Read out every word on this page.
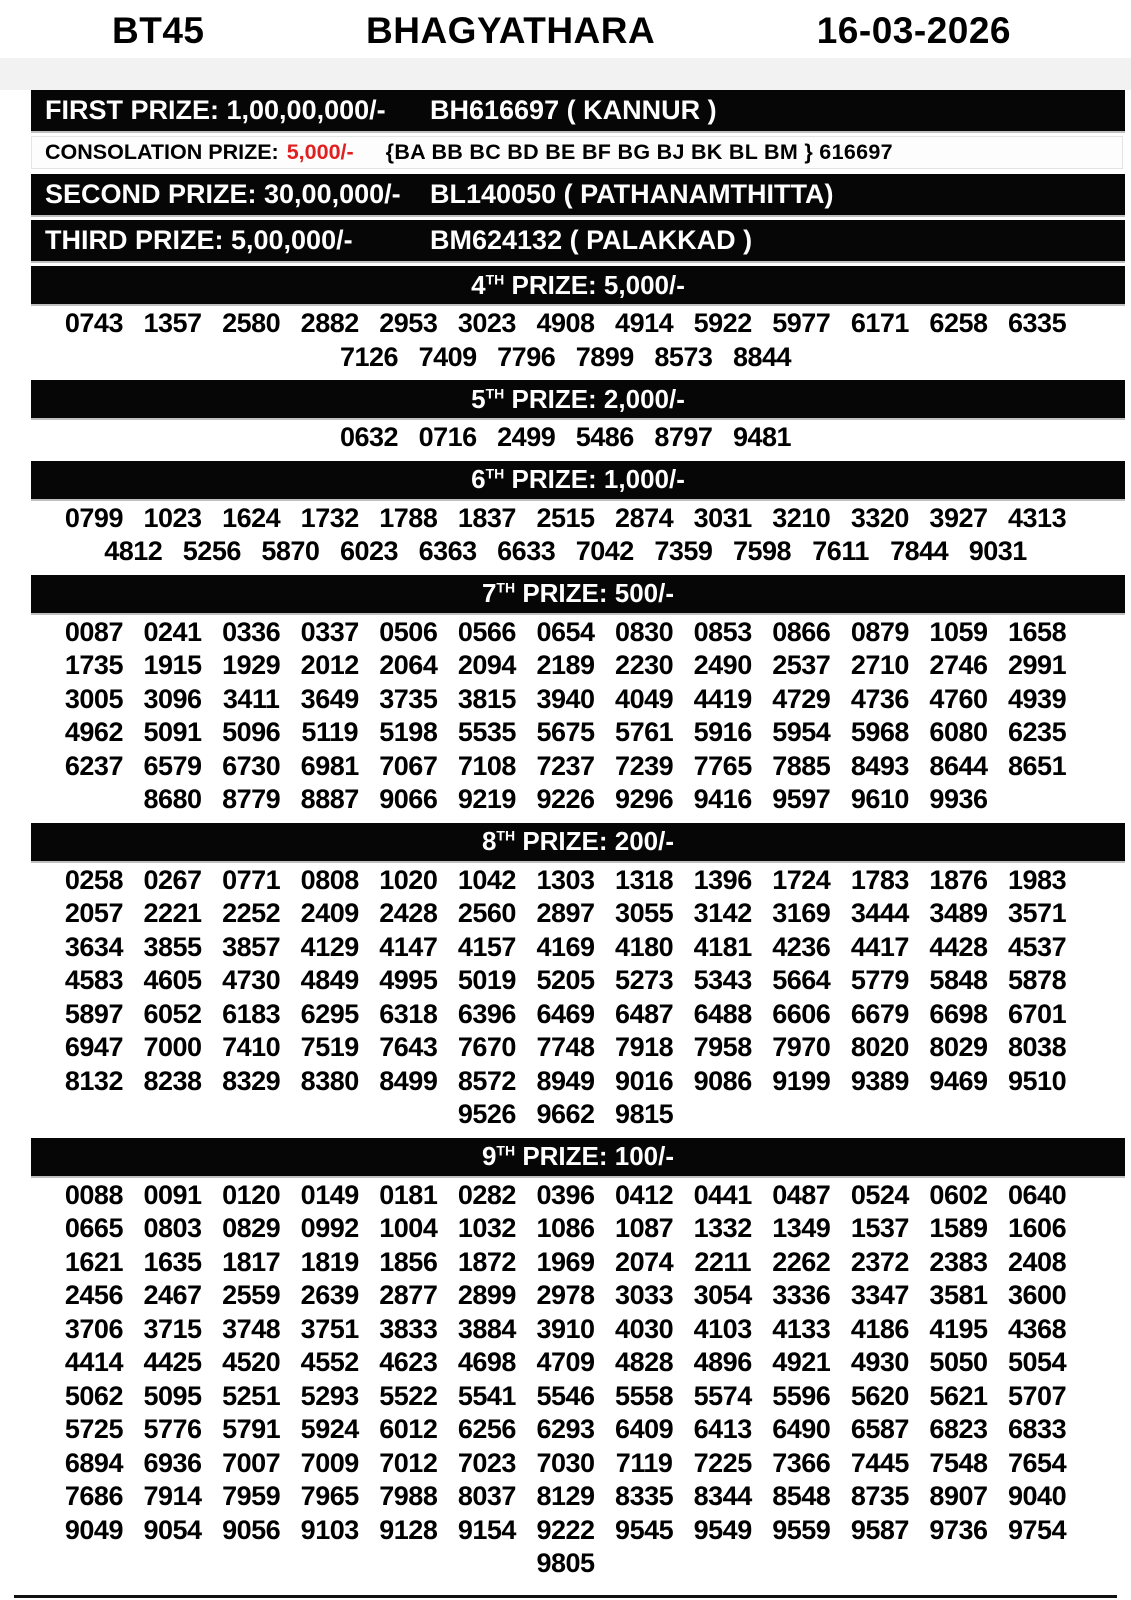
BT45	BHAGYATHARA	16-03-2026
FIRST PRIZE: 1,00,00,000/-	BH616697 ( KANNUR )
CONSOLATION PRIZE: 5,000/- {BA BB BC BD BE BF BG BJ BK BL BM } 616697
SECOND PRIZE: 30,00,000/-	BL140050 ( PATHANAMTHITTA)
THIRD PRIZE: 5,00,000/-	BM624132 ( PALAKKAD )
4TH PRIZE: 5,000/-
0743 1357 2580 2882 2953 3023 4908 4914 5922 5977 6171 6258 6335
7126 7409 7796 7899 8573 8844
5TH PRIZE: 2,000/-
0632 0716 2499 5486 8797 9481
6TH PRIZE: 1,000/-
0799 1023 1624 1732 1788 1837 2515 2874 3031 3210 3320 3927 4313
4812 5256 5870 6023 6363 6633 7042 7359 7598 7611 7844 9031
7TH PRIZE: 500/-
0087 0241 0336 0337 0506 0566 0654 0830 0853 0866 0879 1059 1658
1735 1915 1929 2012 2064 2094 2189 2230 2490 2537 2710 2746 2991
3005 3096 3411 3649 3735 3815 3940 4049 4419 4729 4736 4760 4939
4962 5091 5096 5119 5198 5535 5675 5761 5916 5954 5968 6080 6235
6237 6579 6730 6981 7067 7108 7237 7239 7765 7885 8493 8644 8651
8680 8779 8887 9066 9219 9226 9296 9416 9597 9610 9936
8TH PRIZE: 200/-
0258 0267 0771 0808 1020 1042 1303 1318 1396 1724 1783 1876 1983
2057 2221 2252 2409 2428 2560 2897 3055 3142 3169 3444 3489 3571
3634 3855 3857 4129 4147 4157 4169 4180 4181 4236 4417 4428 4537
4583 4605 4730 4849 4995 5019 5205 5273 5343 5664 5779 5848 5878
5897 6052 6183 6295 6318 6396 6469 6487 6488 6606 6679 6698 6701
6947 7000 7410 7519 7643 7670 7748 7918 7958 7970 8020 8029 8038
8132 8238 8329 8380 8499 8572 8949 9016 9086 9199 9389 9469 9510
9526 9662 9815
9TH PRIZE: 100/-
0088 0091 0120 0149 0181 0282 0396 0412 0441 0487 0524 0602 0640
0665 0803 0829 0992 1004 1032 1086 1087 1332 1349 1537 1589 1606
1621 1635 1817 1819 1856 1872 1969 2074 2211 2262 2372 2383 2408
2456 2467 2559 2639 2877 2899 2978 3033 3054 3336 3347 3581 3600
3706 3715 3748 3751 3833 3884 3910 4030 4103 4133 4186 4195 4368
4414 4425 4520 4552 4623 4698 4709 4828 4896 4921 4930 5050 5054
5062 5095 5251 5293 5522 5541 5546 5558 5574 5596 5620 5621 5707
5725 5776 5791 5924 6012 6256 6293 6409 6413 6490 6587 6823 6833
6894 6936 7007 7009 7012 7023 7030 7119 7225 7366 7445 7548 7654
7686 7914 7959 7965 7988 8037 8129 8335 8344 8548 8735 8907 9040
9049 9054 9056 9103 9128 9154 9222 9545 9549 9559 9587 9736 9754
9805
